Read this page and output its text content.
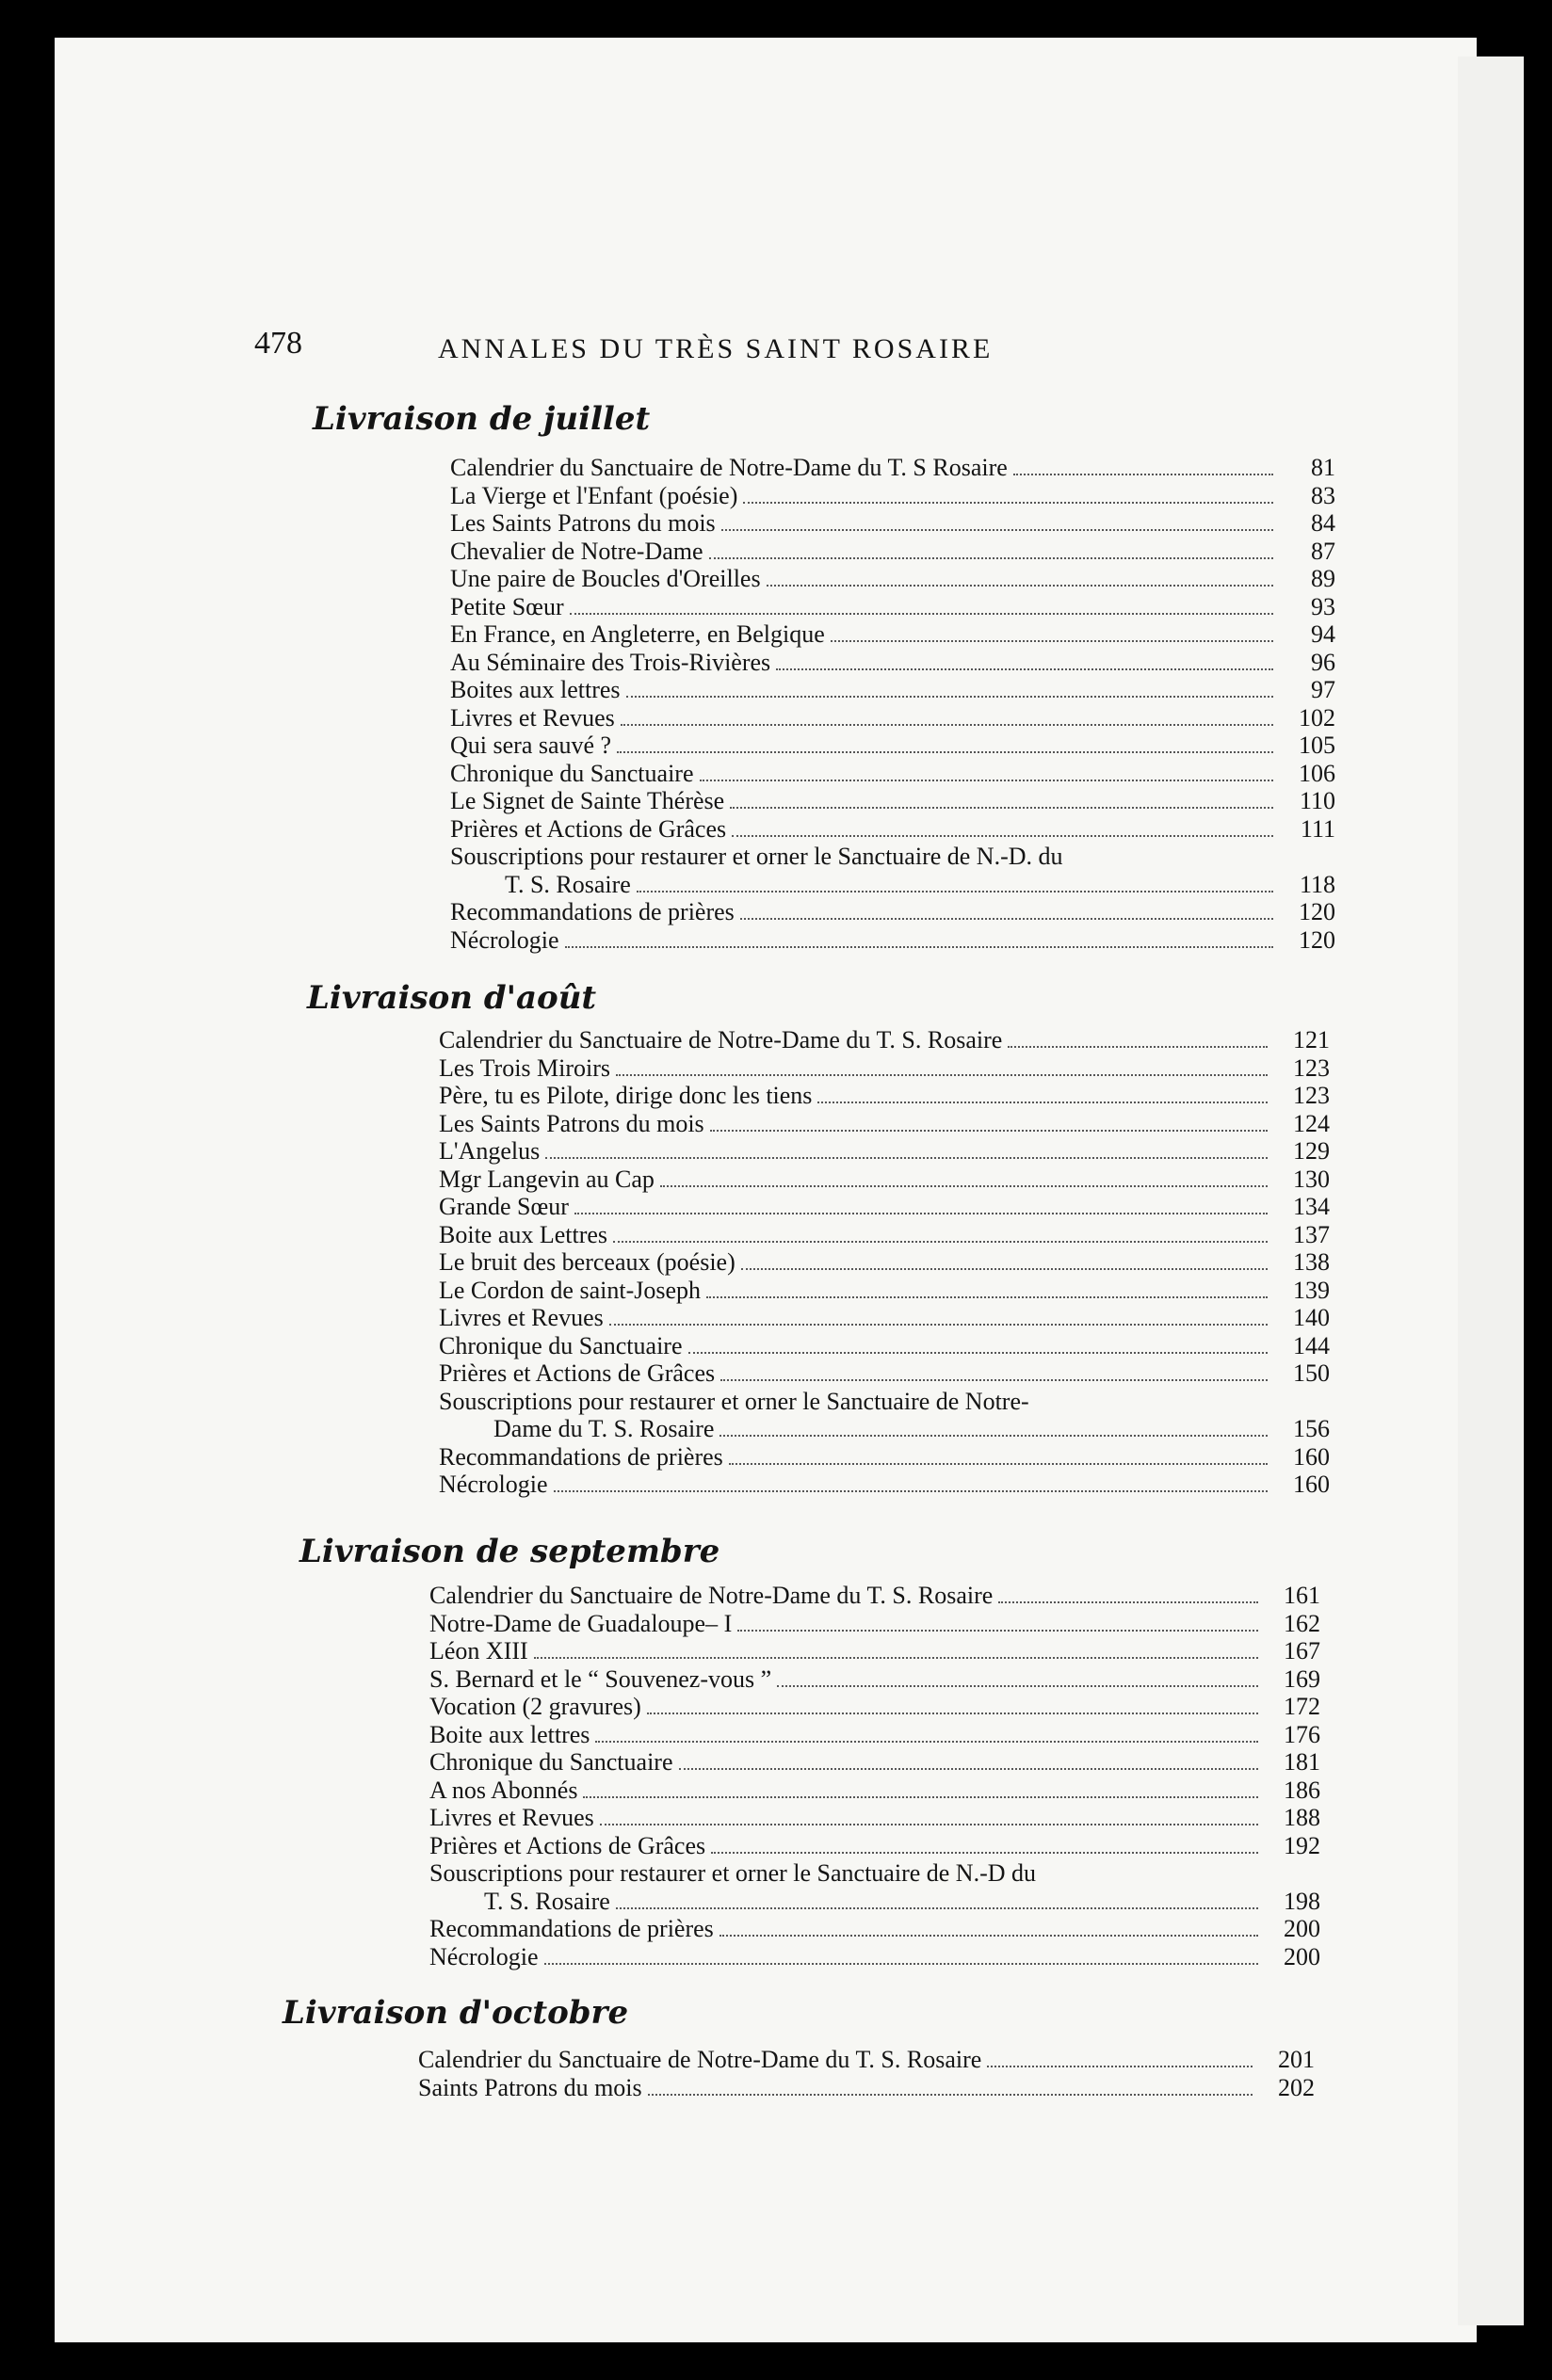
478	ANNALES DU TRÈS SAINT ROSAIRE
Livraison de juillet
Calendrier du Sanctuaire de Notre-Dame du T. S Rosaire	81
La Vierge et l'Enfant (poésie)	83
Les Saints Patrons du mois	84
Chevalier de Notre-Dame	87
Une paire de Boucles d'Oreilles	89
Petite Sœur	93
En France, en Angleterre, en Belgique	94
Au Séminaire des Trois-Rivières	96
Boites aux lettres	97
Livres et Revues	102
Qui sera sauvé ?	105
Chronique du Sanctuaire	106
Le Signet de Sainte Thérèse	110
Prières et Actions de Grâces	111
Souscriptions pour restaurer et orner le Sanctuaire de N.-D. du
T. S. Rosaire	118
Recommandations de prières	120
Nécrologie	120
Livraison d'août
Calendrier du Sanctuaire de Notre-Dame du T. S. Rosaire	121
Les Trois Miroirs	123
Père, tu es Pilote, dirige donc les tiens	123
Les Saints Patrons du mois	124
L'Angelus	129
Mgr Langevin au Cap	130
Grande Sœur	134
Boite aux Lettres	137
Le bruit des berceaux (poésie)	138
Le Cordon de saint-Joseph	139
Livres et Revues	140
Chronique du Sanctuaire	144
Prières et Actions de Grâces	150
Souscriptions pour restaurer et orner le Sanctuaire de Notre-
Dame du T. S. Rosaire	156
Recommandations de prières	160
Nécrologie	160
Livraison de septembre
Calendrier du Sanctuaire de Notre-Dame du T. S. Rosaire	161
Notre-Dame de Guadaloupe– I	162
Léon XIII	167
S. Bernard et le “ Souvenez-vous ”	169
Vocation (2 gravures)	172
Boite aux lettres	176
Chronique du Sanctuaire	181
A nos Abonnés	186
Livres et Revues	188
Prières et Actions de Grâces	192
Souscriptions pour restaurer et orner le Sanctuaire de N.-D du
T. S. Rosaire	198
Recommandations de prières	200
Nécrologie	200
Livraison d'octobre
Calendrier du Sanctuaire de Notre-Dame du T. S. Rosaire	201
Saints Patrons du mois	202
